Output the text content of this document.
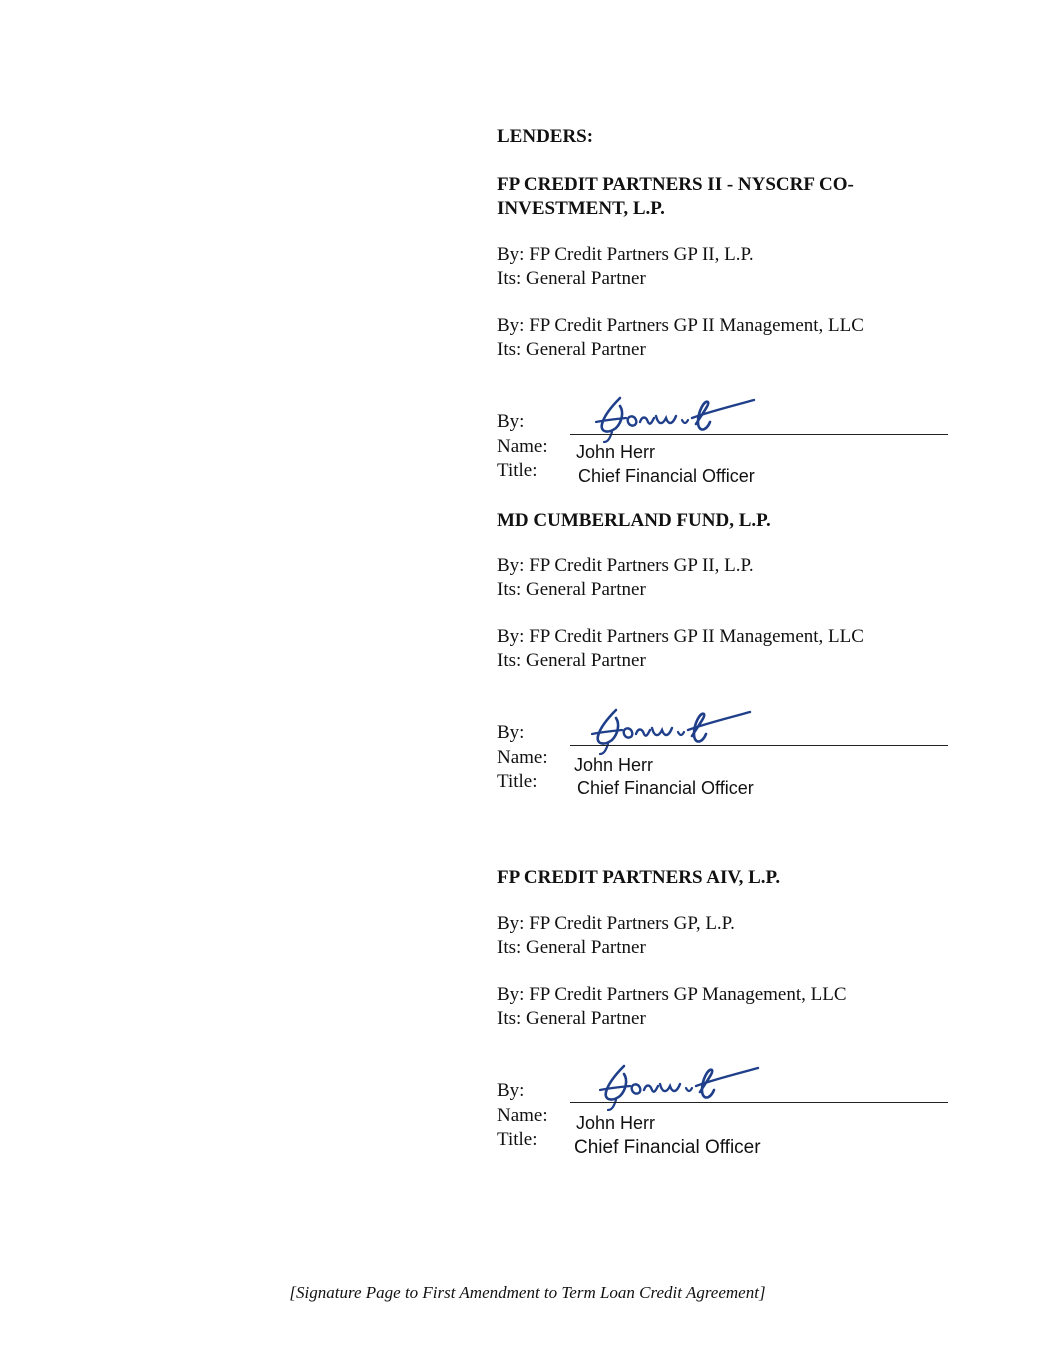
LENDERS:
FP CREDIT PARTNERS II - NYSCRF CO-INVESTMENT, L.P.
By: FP Credit Partners GP II, L.P.
Its: General Partner
By: FP Credit Partners GP II Management, LLC
Its: General Partner
By:
Name:
Title:
John Herr
Chief Financial Officer
MD CUMBERLAND FUND, L.P.
By: FP Credit Partners GP II, L.P.
Its: General Partner
By: FP Credit Partners GP II Management, LLC
Its: General Partner
By:
Name:
Title:
John Herr
Chief Financial Officer
FP CREDIT PARTNERS AIV, L.P.
By: FP Credit Partners GP, L.P.
Its: General Partner
By: FP Credit Partners GP Management, LLC
Its: General Partner
By:
Name:
Title:
John Herr
Chief Financial Officer
[Signature Page to First Amendment to Term Loan Credit Agreement]
